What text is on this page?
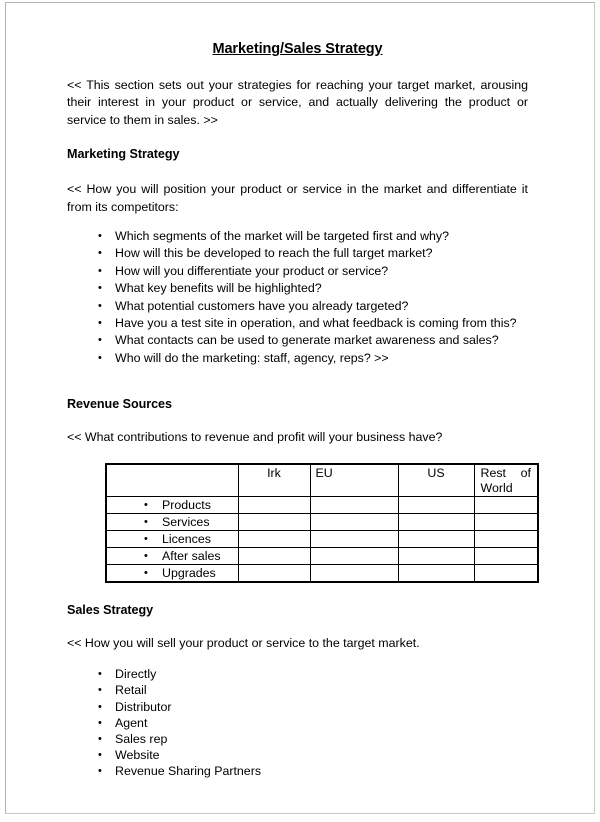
Marketing/Sales Strategy

<< This section sets out your strategies for reaching your target market, arousing their interest in your product or service, and actually delivering the product or service to them in sales. >>

Marketing Strategy

<< How you will position your product or service in the market and differentiate it from its competitors:

• Which segments of the market will be targeted first and why?
• How will this be developed to reach the full target market?
• How will you differentiate your product or service?
• What key benefits will be highlighted?
• What potential customers have you already targeted?
• Have you a test site in operation, and what feedback is coming from this?
• What contacts can be used to generate market awareness and sales?
• Who will do the marketing: staff, agency, reps? >>
Revenue Sources

<< What contributions to revenue and profit will your business have?

	Irk	EU	US	Rest of World
• Products				
• Services				
• Licences				
• After sales				
• Upgrades				
Sales Strategy

<< How you will sell your product or service to the target market.

• Directly
• Retail
• Distributor
• Agent
• Sales rep
• Website
• Revenue Sharing Partners
